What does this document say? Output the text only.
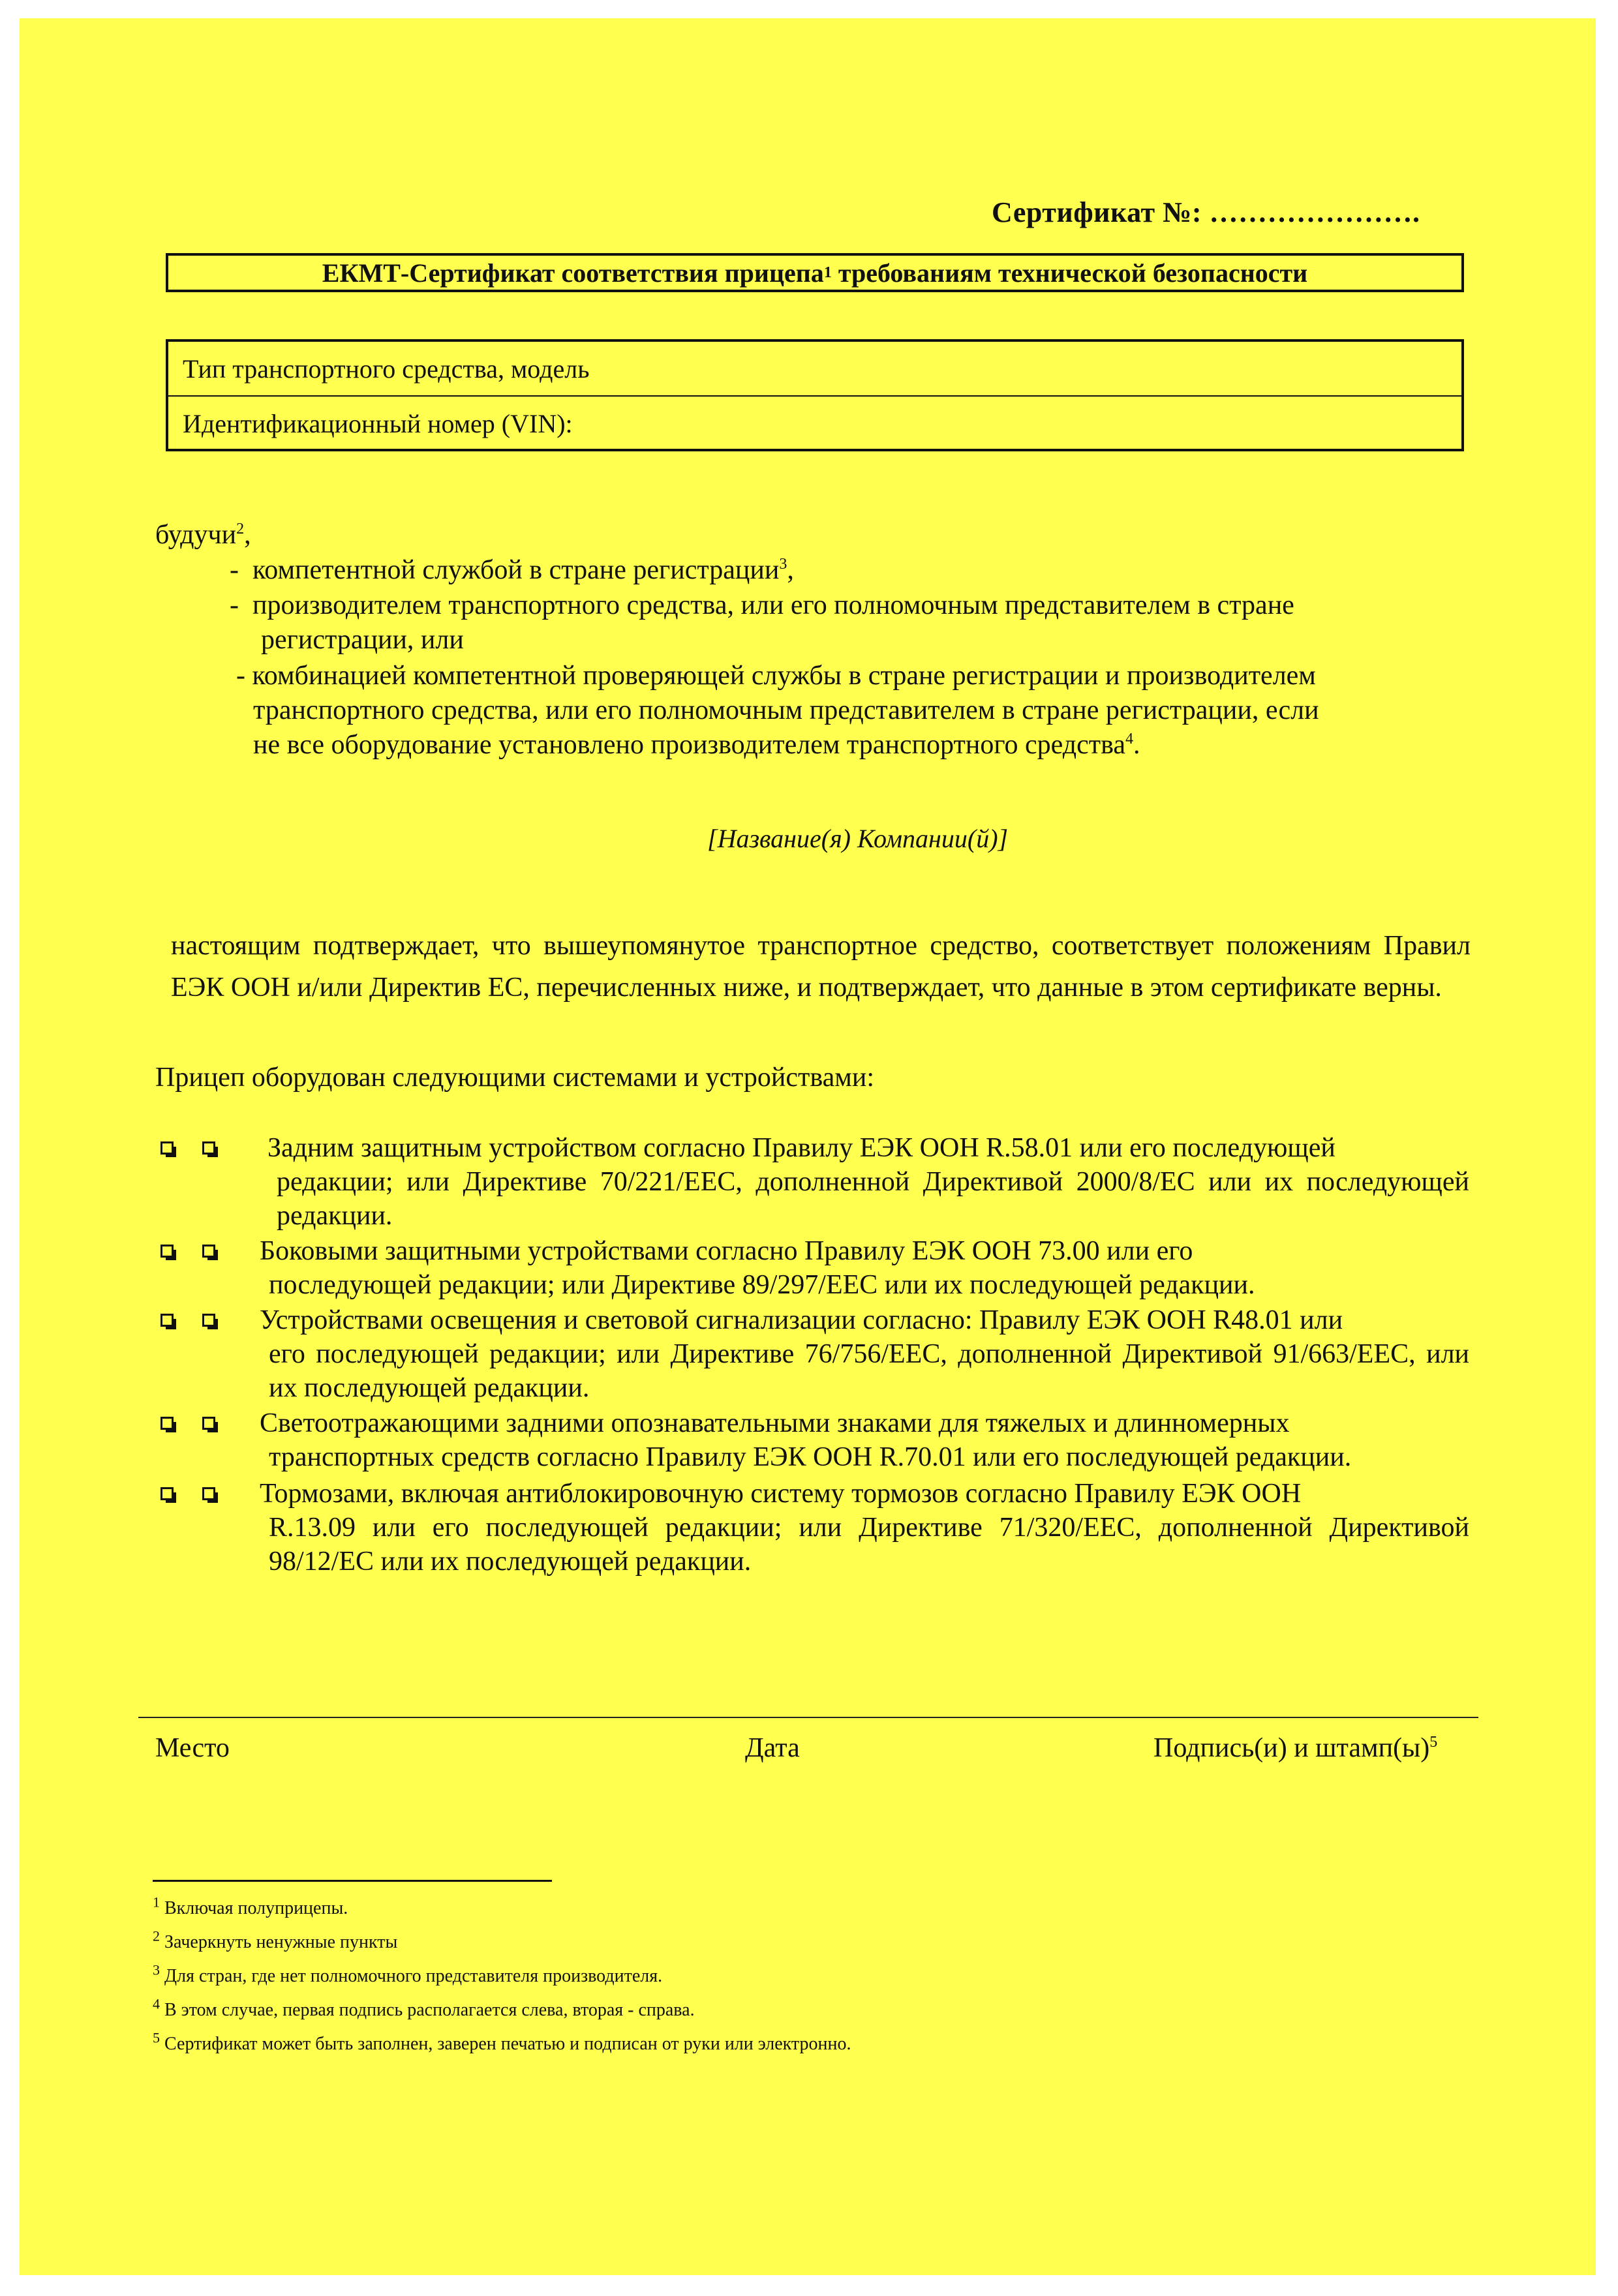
Сертификат №: ………………….
ЕКМТ-Сертификат соответствия прицепа 1 требованиям технической безопасности
Тип транспортного средства, модель
Идентификационный номер (VIN):
будучи$^2$,
-  компетентной службой в стране регистрации$^3$,
-  производителем транспортного средства, или его полномочным представителем в стране
регистрации, или
- комбинацией компетентной проверяющей службы в стране регистрации и производителем
транспортного средства, или его полномочным представителем в стране регистрации, если
не все оборудование установлено производителем транспортного средства$^4$.
[Название(я) Компании(й)]
настоящим подтверждает, что вышеупомянутое транспортное средство, соответствует положениям Правил ЕЭК ООН и/или Директив ЕС, перечисленных ниже, и подтверждает, что данные в этом сертификате верны.
Прицеп оборудован следующими системами и устройствами:
Задним защитным устройством согласно Правилу ЕЭК ООН R.58.01 или его последующей
редакции; или Директиве 70/221/EEC, дополненной Директивой 2000/8/EC или их последующей редакции.
Боковыми защитными устройствами согласно Правилу ЕЭК ООН 73.00 или его
последующей редакции; или Директиве 89/297/EEC или их последующей редакции.
Устройствами освещения и световой сигнализации согласно: Правилу ЕЭК ООН R48.01 или
его последующей редакции; или Директиве 76/756/EEC, дополненной Директивой 91/663/EEC, или их последующей редакции.
Светоотражающими задними опознавательными знаками для тяжелых и длинномерных
транспортных средств согласно Правилу ЕЭК ООН R.70.01 или его последующей редакции.
Тормозами, включая антиблокировочную систему тормозов согласно Правилу ЕЭК ООН
R.13.09 или его последующей редакции; или Директиве 71/320/EEC, дополненной Директивой 98/12/EC или их последующей редакции.
Место	Дата	Подпись(и) и $штамп(ы)^5$
$^1$ Включая полуприцепы.
$^2$ Зачеркнуть ненужные пункты
$^3$ Для стран, где нет полномочного представителя производителя.
$^4$ В этом случае, первая подпись располагается слева, вторая - справа.
$^5$ Сертификат может быть заполнен, заверен печатью и подписан от руки или электронно.
